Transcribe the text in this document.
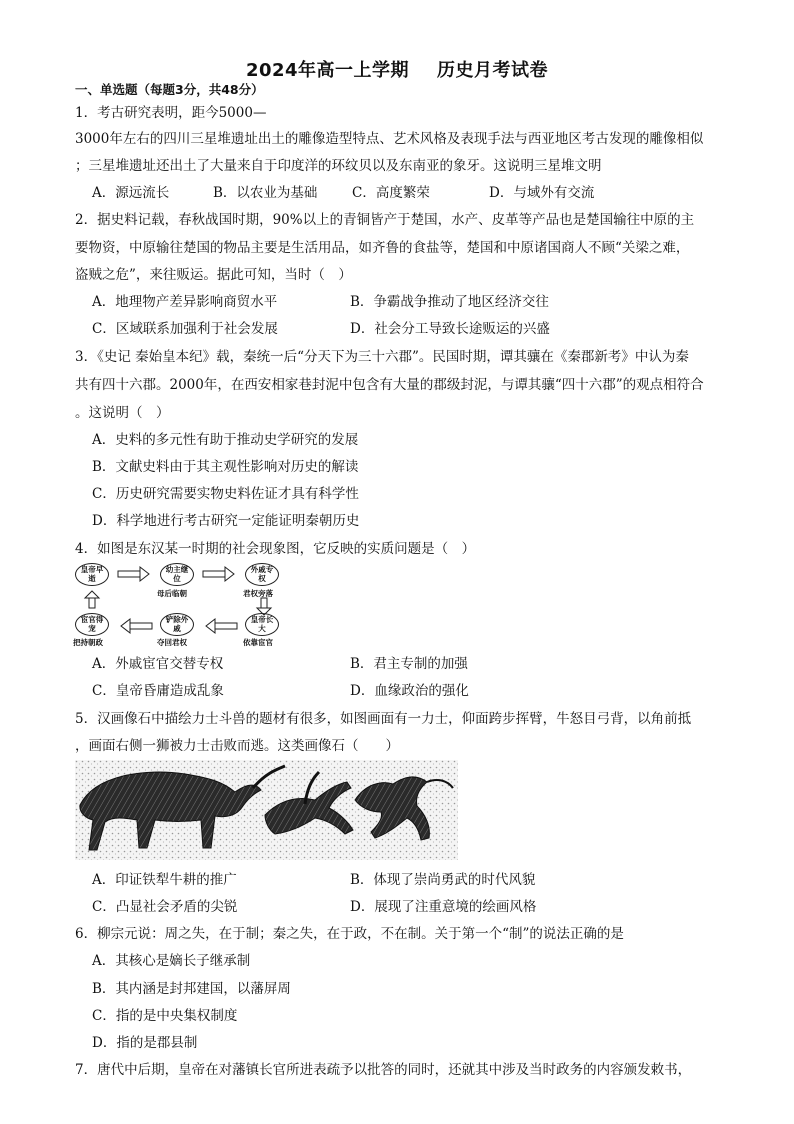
2024年高一上学期 历史月考试卷
一、单选题（每题3分，共48分）
1．考古研究表明，距今5000—
3000年左右的四川三星堆遗址出土的雕像造型特点、艺术风格及表现手法与西亚地区考古发现的雕像相似
；三星堆遗址还出土了大量来自于印度洋的环纹贝以及东南亚的象牙。这说明三星堆文明
A．源远流长	B．以农业为基础	C．高度繁荣	D．与域外有交流
2．据史料记载，春秋战国时期，90%以上的青铜皆产于楚国，水产、皮革等产品也是楚国输往中原的主
要物资，中原输往楚国的物品主要是生活用品，如齐鲁的食盐等，楚国和中原诸国商人不顾“关梁之难，
盗贼之危”，来往贩运。据此可知，当时（　）
A．地理物产差异影响商贸水平	B．争霸战争推动了地区经济交往
C．区域联系加强利于社会发展	D．社会分工导致长途贩运的兴盛
3．《史记 秦始皇本纪》载，秦统一后“分天下为三十六郡”。民国时期，谭其骧在《秦郡新考》中认为秦
共有四十六郡。2000年，在西安相家巷封泥中包含有大量的郡级封泥，与谭其骧“四十六郡”的观点相符合
。这说明（　）
A．史料的多元性有助于推动史学研究的发展
B．文献史料由于其主观性影响对历史的解读
C．历史研究需要实物史料佐证才具有科学性
D．科学地进行考古研究一定能证明秦朝历史
4．如图是东汉某一时期的社会现象图，它反映的实质问题是（　）
皇帝早逝
幼主继位
外戚专权
母后临朝	君权旁落
宦官得宠
铲除外戚
皇帝长大
把持朝政	夺回君权	依靠宦官
A．外戚宦官交替专权	B．君主专制的加强
C．皇帝昏庸造成乱象	D．血缘政治的强化
5．汉画像石中描绘力士斗兽的题材有很多，如图画面有一力士，仰面跨步挥臂，牛怒目弓背，以角前抵
，画面右侧一狮被力士击败而逃。这类画像石（　　）
A．印证铁犁牛耕的推广	B．体现了崇尚勇武的时代风貌
C．凸显社会矛盾的尖锐	D．展现了注重意境的绘画风格
6．柳宗元说：周之失，在于制；秦之失，在于政，不在制。关于第一个“制”的说法正确的是
A．其核心是嫡长子继承制
B．其内涵是封邦建国，以藩屏周
C．指的是中央集权制度
D．指的是郡县制
7．唐代中后期，皇帝在对藩镇长官所进表疏予以批答的同时，还就其中涉及当时政务的内容颁发敕书，
